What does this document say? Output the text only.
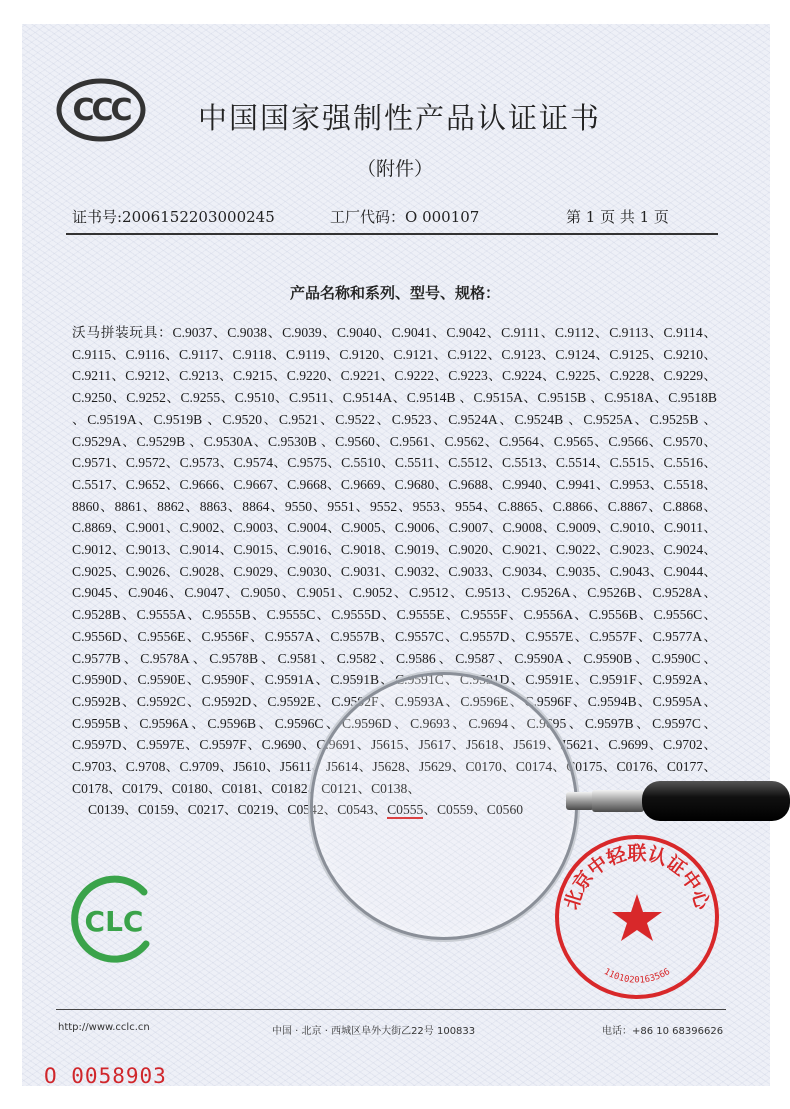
CCC 中国国家强制性产品认证证书
（附件）
证书号:2006152203000245	工厂代码：O 000107	第 1 页 共 1 页
产品名称和系列、型号、规格：
沃马拼装玩具：C.9037、C.9038、C.9039、C.9040、C.9041、C.9042、C.9111、C.9112、C.9113、C.9114、C.9115、C.9116、C.9117、C.9118、C.9119、C.9120、C.9121、C.9122、C.9123、C.9124、C.9125、C.9210、C.9211、C.9212、C.9213、C.9215、C.9220、C.9221、C.9222、C.9223、C.9224、C.9225、C.9228、C.9229、C.9250、C.9252、C.9255、C.9510、C.9511、C.9514A、C.9514B 、C.9515A、C.9515B 、C.9518A、C.9518B 、C.9519A、C.9519B 、C.9520、C.9521、C.9522、C.9523、C.9524A、C.9524B 、C.9525A、C.9525B 、C.9529A、C.9529B 、C.9530A、C.9530B 、C.9560、C.9561、C.9562、C.9564、C.9565、C.9566、C.9570、C.9571、C.9572、C.9573、C.9574、C.9575、C.5510、C.5511、C.5512、C.5513、C.5514、C.5515、C.5516、C.5517、C.9652、C.9666、C.9667、C.9668、C.9669、C.9680、C.9688、C.9940、C.9941、C.9953、C.5518、8860、8861、8862、8863、8864、9550、9551、9552、9553、9554、C.8865、C.8866、C.8867、C.8868、C.8869、C.9001、C.9002、C.9003、C.9004、C.9005、C.9006、C.9007、C.9008、C.9009、C.9010、C.9011、C.9012、C.9013、C.9014、C.9015、C.9016、C.9018、C.9019、C.9020、C.9021、C.9022、C.9023、C.9024、C.9025、C.9026、C.9028、C.9029、C.9030、C.9031、C.9032、C.9033、C.9034、C.9035、C.9043、C.9044、C.9045、C.9046、C.9047、C.9050、C.9051、C.9052、C.9512、C.9513、C.9526A、C.9526B、C.9528A、C.9528B、C.9555A、C.9555B、C.9555C、C.9555D、C.9555E、C.9555F、C.9556A、C.9556B、C.9556C、C.9556D、C.9556E、C.9556F、C.9557A、C.9557B、C.9557C、C.9557D、C.9557E、C.9557F、C.9577A、C.9577B、C.9578A、C.9578B、C.9581、C.9582、C.9586、C.9587、C.9590A、C.9590B、C.9590C、C.9590D、C.9590E、C.9590F、C.9591A、C.9591B、C.9591C、C.9591D、C.9591E、C.9591F、C.9592A、C.9592B、C.9592C、C.9592D、C.9592E、C.9592F、C.9593A、C.9596E、C.9596F、C.9594B、C.9595A、C.9595B、C.9596A、C.9596B、C.9596C、C.9596D、C.9693、C.9694、C.9695、C.9597B、C.9597C、C.9597D、C.9597E、C.9597F、C.9690、C.9691、J5615、J5617、J5618、J5619、J5621、C.9699、C.9702、C.9703、C.9708、C.9709、J5610、J5611、J5614、J5628、J5629、C0170、C0174、C0175、C0176、C0177、C0178、C0179、C0180、C0181、C0182、C0121、C0138、
C0139、C0159、C0217、C0219、C0542、C0543、C0555、C0559、C0560
CLC
北京中轻联认证中心
1101020163566
http://www.cclc.cn	中国 · 北京 · 西城区阜外大街乙22号 100833	电话：+86 10 68396626
O 0058903
